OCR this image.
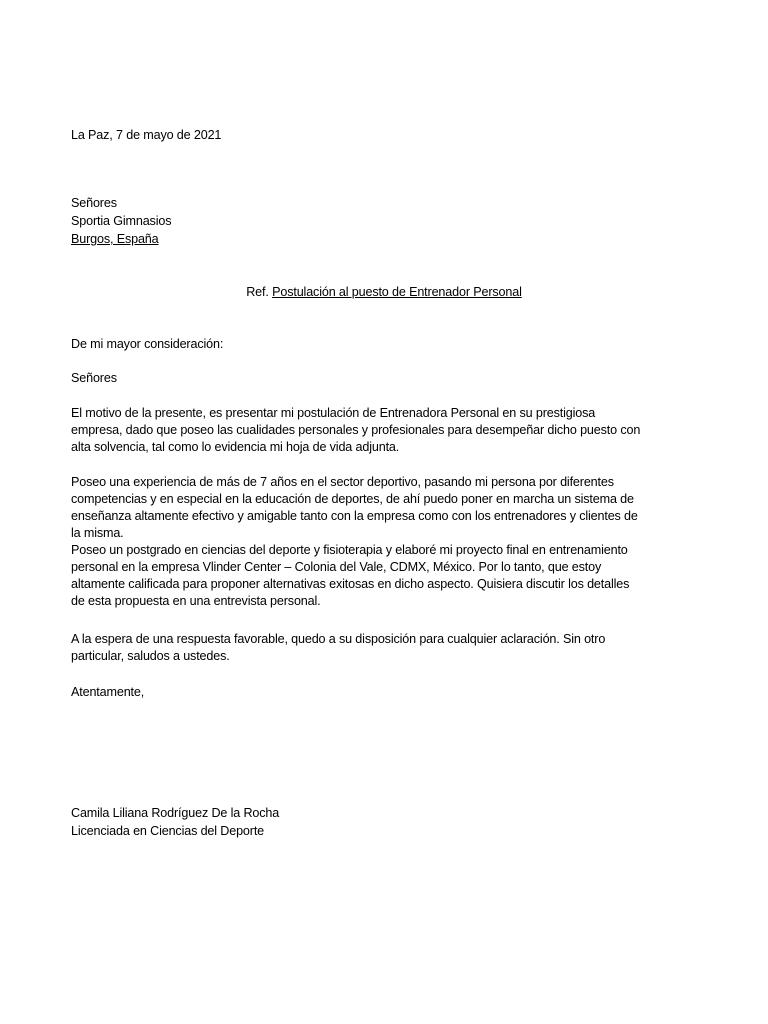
La Paz, 7 de mayo de 2021
Señores
Sportia Gimnasios
Burgos, España
Ref. Postulación al puesto de Entrenador Personal
De mi mayor consideración:
Señores
El motivo de la presente, es presentar mi postulación de Entrenadora Personal en su prestigiosa
empresa, dado que poseo las cualidades personales y profesionales para desempeñar dicho puesto con
alta solvencia, tal como lo evidencia mi hoja de vida adjunta.
Poseo una experiencia de más de 7 años en el sector deportivo, pasando mi persona por diferentes
competencias y en especial en la educación de deportes, de ahí puedo poner en marcha un sistema de
enseñanza altamente efectivo y amigable tanto con la empresa como con los entrenadores y clientes de
la misma.
Poseo un postgrado en ciencias del deporte y fisioterapia y elaboré mi proyecto final en entrenamiento
personal en la empresa Vlinder Center – Colonia del Vale, CDMX, México. Por lo tanto, que estoy
altamente calificada para proponer alternativas exitosas en dicho aspecto. Quisiera discutir los detalles
de esta propuesta en una entrevista personal.
A la espera de una respuesta favorable, quedo a su disposición para cualquier aclaración. Sin otro
particular, saludos a ustedes.
Atentamente,
Camila Liliana Rodríguez De la Rocha
Licenciada en Ciencias del Deporte
